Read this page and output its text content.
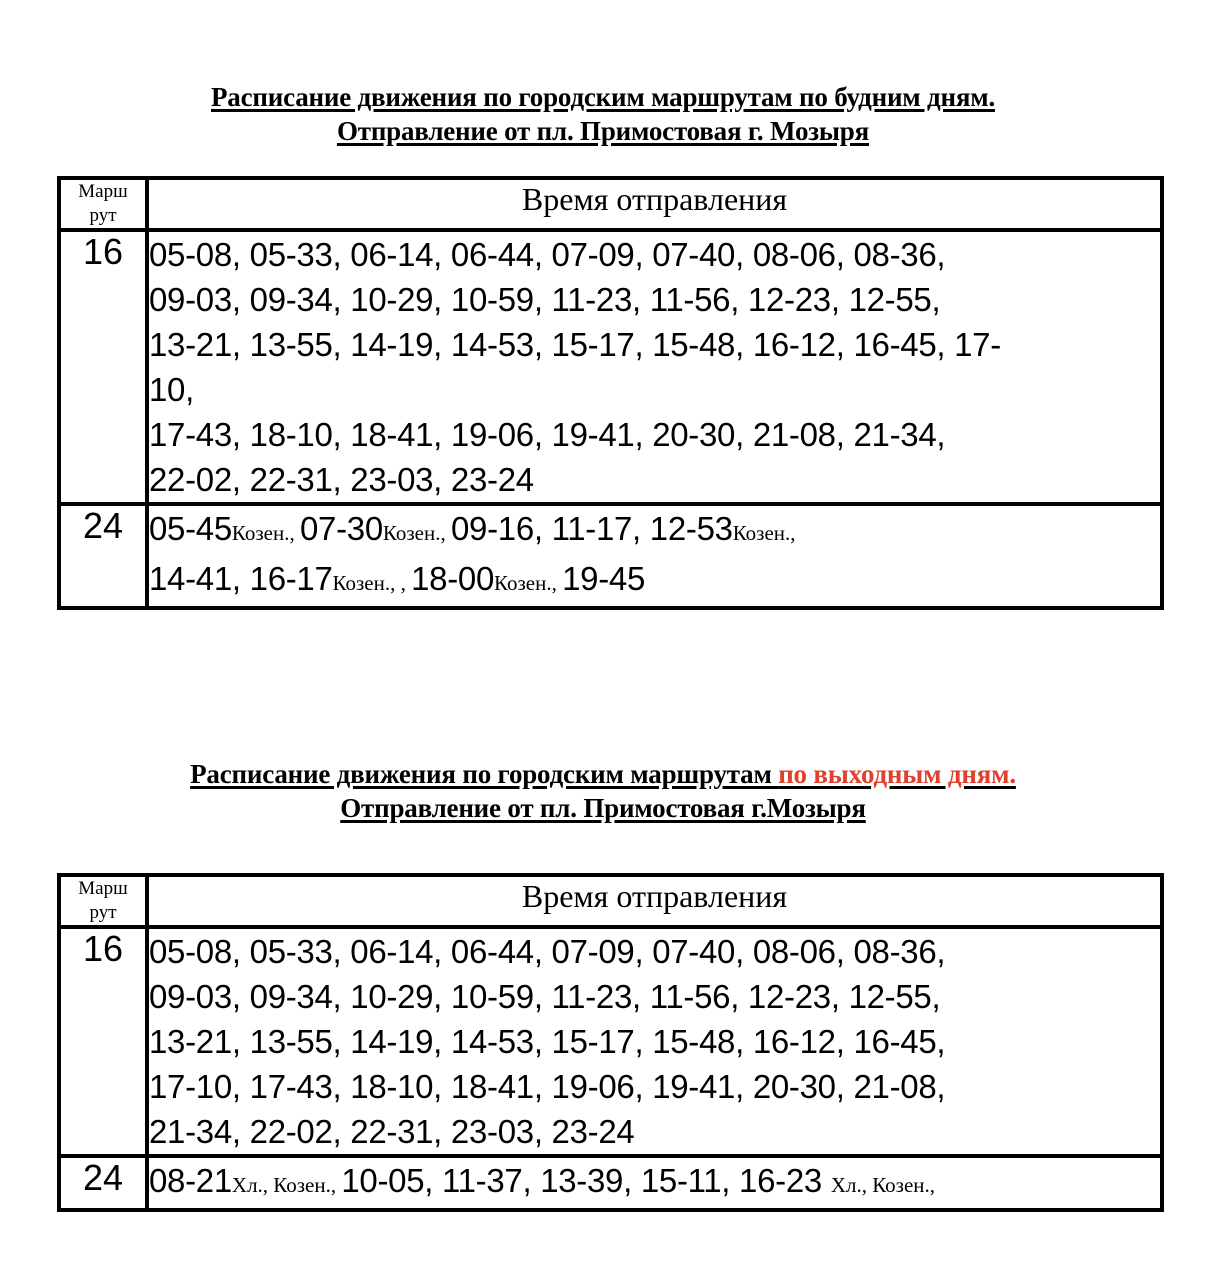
Расписание движения по городским маршрутам по будним дням.
Отправление от пл. Примостовая г. Мозыря
Марш
рут	Время отправления
16	05-08, 05-33, 06-14, 06-44, 07-09, 07-40, 08-06, 08-36,
09-03, 09-34, 10-29, 10-59, 11-23, 11-56, 12-23, 12-55,
13-21, 13-55, 14-19, 14-53, 15-17, 15-48, 16-12, 16-45, 17-
10,
17-43, 18-10, 18-41, 19-06, 19-41, 20-30, 21-08, 21-34,
22-02, 22-31, 23-03, 23-24

24	05-45Козен., 07-30Козен., 09-16, 11-17, 12-53Козен.,
14-41, 16-17Козен., , 18-00Козен., 19-45
Расписание движения по городским маршрутам по выходным дням.
Отправление от пл. Примостовая г.Мозыря
Марш
рут	Время отправления
16	05-08, 05-33, 06-14, 06-44, 07-09, 07-40, 08-06, 08-36,
09-03, 09-34, 10-29, 10-59, 11-23, 11-56, 12-23, 12-55,
13-21, 13-55, 14-19, 14-53, 15-17, 15-48, 16-12, 16-45,
17-10, 17-43, 18-10, 18-41, 19-06, 19-41, 20-30, 21-08,
21-34, 22-02, 22-31, 23-03, 23-24

24	08-21Хл., Козен., 10-05, 11-37, 13-39, 15-11, 16-23 Хл., Козен.,
